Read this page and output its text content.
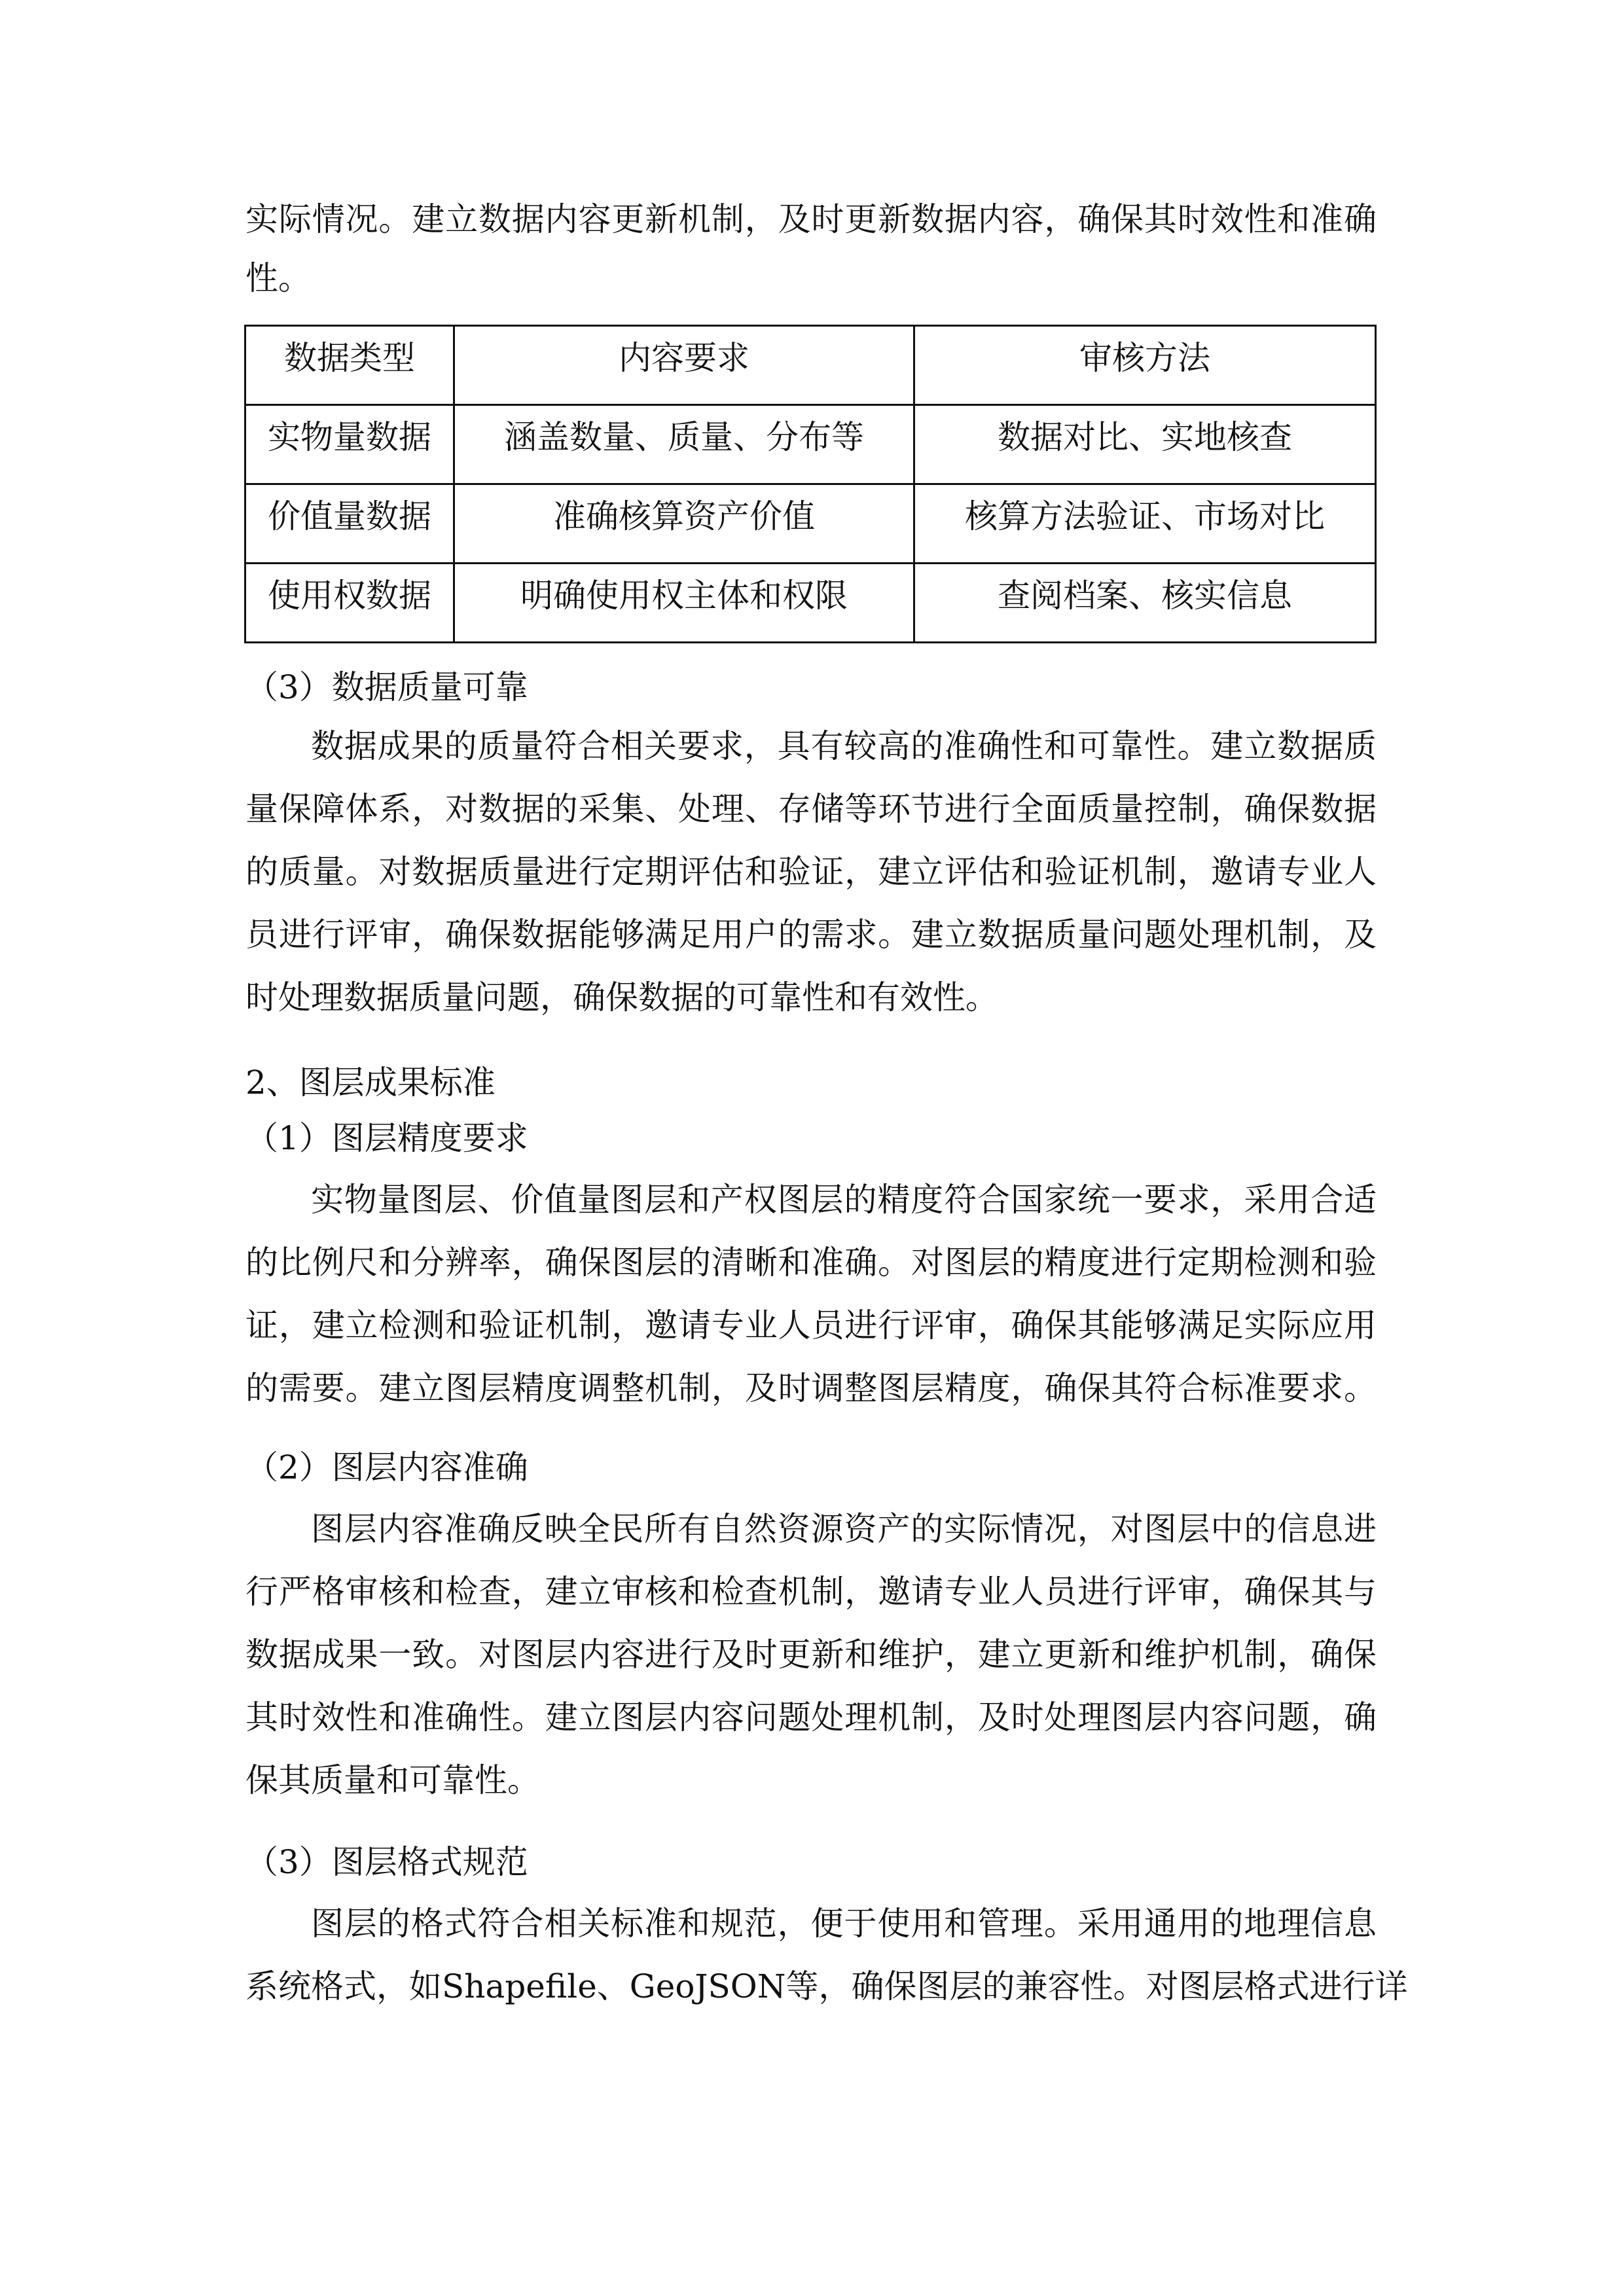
实际情况。建立数据内容更新机制，及时更新数据内容，确保其时效性和准确
性。
数据类型	内容要求	审核方法
实物量数据	涵盖数量、质量、分布等	数据对比、实地核查
价值量数据	准确核算资产价值	核算方法验证、市场对比
使用权数据	明确使用权主体和权限	查阅档案、核实信息
（3）数据质量可靠
数据成果的质量符合相关要求，具有较高的准确性和可靠性。建立数据质
量保障体系，对数据的采集、处理、存储等环节进行全面质量控制，确保数据
的质量。对数据质量进行定期评估和验证，建立评估和验证机制，邀请专业人
员进行评审，确保数据能够满足用户的需求。建立数据质量问题处理机制，及
时处理数据质量问题，确保数据的可靠性和有效性。
2、图层成果标准
（1）图层精度要求
实物量图层、价值量图层和产权图层的精度符合国家统一要求，采用合适
的比例尺和分辨率，确保图层的清晰和准确。对图层的精度进行定期检测和验
证，建立检测和验证机制，邀请专业人员进行评审，确保其能够满足实际应用
的需要。建立图层精度调整机制，及时调整图层精度，确保其符合标准要求。
（2）图层内容准确
图层内容准确反映全民所有自然资源资产的实际情况，对图层中的信息进
行严格审核和检查，建立审核和检查机制，邀请专业人员进行评审，确保其与
数据成果一致。对图层内容进行及时更新和维护，建立更新和维护机制，确保
其时效性和准确性。建立图层内容问题处理机制，及时处理图层内容问题，确
保其质量和可靠性。
（3）图层格式规范
图层的格式符合相关标准和规范，便于使用和管理。采用通用的地理信息
系统格式，如Shapefile、GeoJSON等，确保图层的兼容性。对图层格式进行详
